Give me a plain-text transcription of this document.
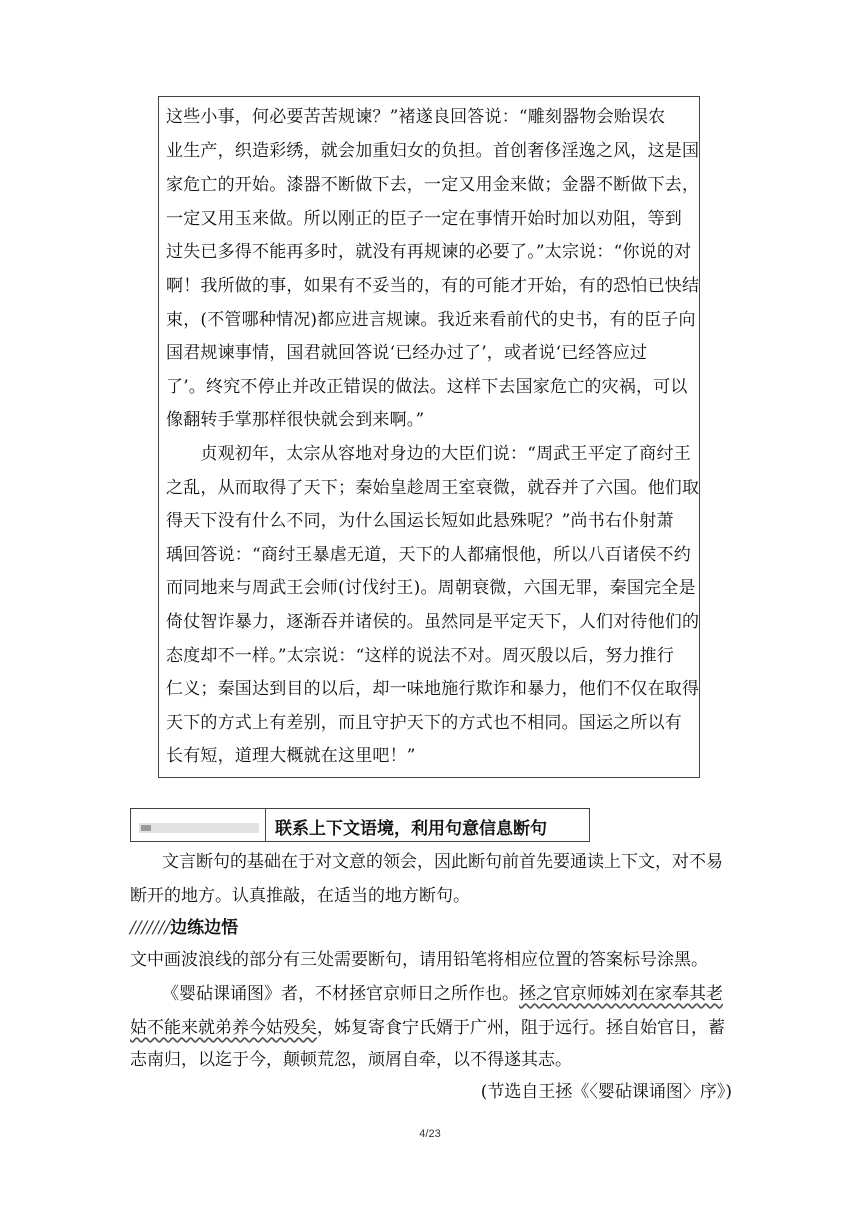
这些小事，何必要苦苦规谏？”褚遂良回答说：“雕刻器物会贻误农
业生产，织造彩绣，就会加重妇女的负担。首创奢侈淫逸之风，这是国
家危亡的开始。漆器不断做下去，一定又用金来做；金器不断做下去，
一定又用玉来做。所以刚正的臣子一定在事情开始时加以劝阻，等到
过失已多得不能再多时，就没有再规谏的必要了。”太宗说：“你说的对
啊！我所做的事，如果有不妥当的，有的可能才开始，有的恐怕已快结
束，(不管哪种情况)都应进言规谏。我近来看前代的史书，有的臣子向
国君规谏事情，国君就回答说‘已经办过了’，或者说‘已经答应过
了’。终究不停止并改正错误的做法。这样下去国家危亡的灾祸，可以
像翻转手掌那样很快就会到来啊。”
　　贞观初年，太宗从容地对身边的大臣们说：“周武王平定了商纣王
之乱，从而取得了天下；秦始皇趁周王室衰微，就吞并了六国。他们取
得天下没有什么不同，为什么国运长短如此悬殊呢？”尚书右仆射萧
瑀回答说：“商纣王暴虐无道，天下的人都痛恨他，所以八百诸侯不约
而同地来与周武王会师(讨伐纣王)。周朝衰微，六国无罪，秦国完全是
倚仗智诈暴力，逐渐吞并诸侯的。虽然同是平定天下，人们对待他们的
态度却不一样。”太宗说：“这样的说法不对。周灭殷以后，努力推行
仁义；秦国达到目的以后，却一味地施行欺诈和暴力，他们不仅在取得
天下的方式上有差别，而且守护天下的方式也不相同。国运之所以有
长有短，道理大概就在这里吧！”
联系上下文语境，利用句意信息断句
文言断句的基础在于对文意的领会，因此断句前首先要通读上下文，对不易
断开的地方。认真推敲，在适当的地方断句。
///////边练边悟
文中画波浪线的部分有三处需要断句，请用铅笔将相应位置的答案标号涂黑。
《婴砧课诵图》者，不材拯官京师日之所作也。拯之官京师姊刘在家奉其老
姑不能来就弟养今姑殁矣，姊复寄食宁氏婿于广州，阻于远行。拯自始官日，蓄
志南归，以迄于今，颠顿荒忽，颃屑自牵，以不得遂其志。
(节选自王拯《〈婴砧课诵图〉序》)
4/23
